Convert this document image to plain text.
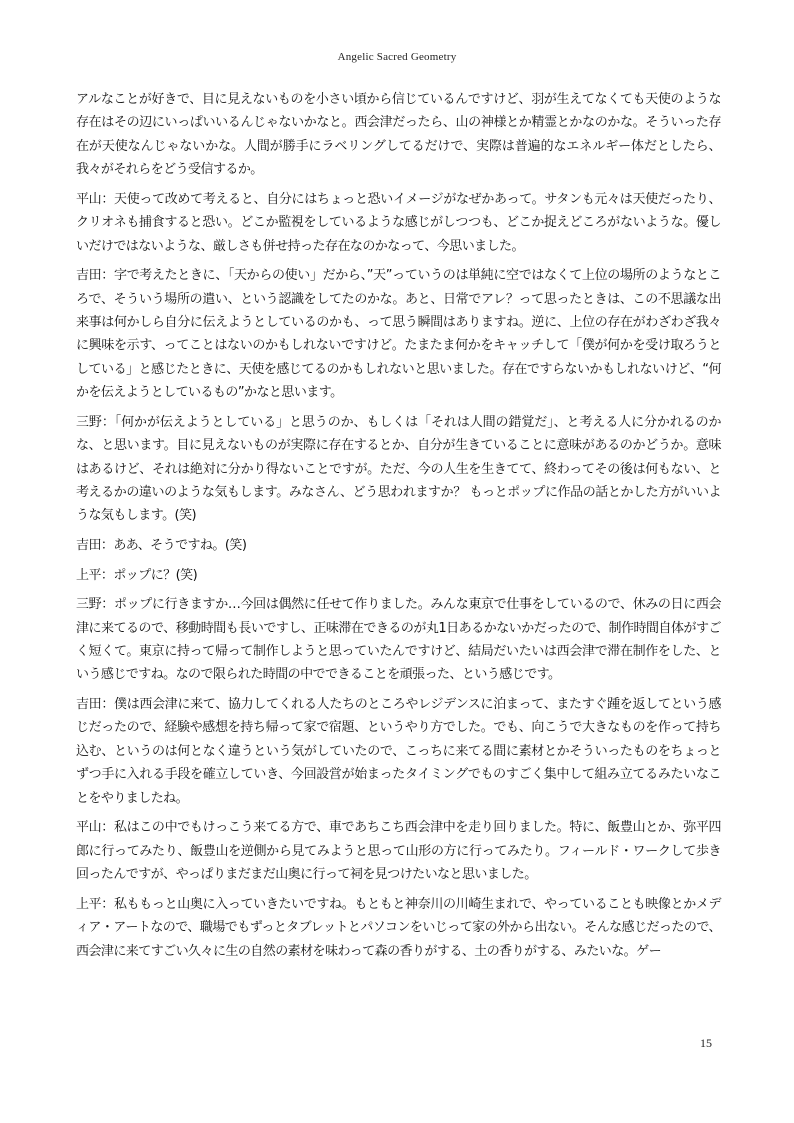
Angelic Sacred Geometry

アルなことが好きで、目に見えないものを小さい頃から信じているんですけど、羽が生えてなくても天使のような存在はその辺にいっぱいいるんじゃないかなと。西会津だったら、山の神様とか精霊とかなのかな。そういった存在が天使なんじゃないかな。人間が勝手にラベリングしてるだけで、実際は普遍的なエネルギー体だとしたら、我々がそれらをどう受信するか。

平山：天使って改めて考えると、自分にはちょっと恐いイメージがなぜかあって。サタンも元々は天使だったり、クリオネも捕食すると恐い。どこか監視をしているような感じがしつつも、どこか捉えどころがないような。優しいだけではないような、厳しさも併せ持った存在なのかなって、今思いました。

吉田：字で考えたときに、「天からの使い」だから、”天”っていうのは単純に空ではなくて上位の場所のようなところで、そういう場所の遣い、という認識をしてたのかな。あと、日常でアレ？って思ったときは、この不思議な出来事は何かしら自分に伝えようとしているのかも、って思う瞬間はありますね。逆に、上位の存在がわざわざ我々に興味を示す、ってことはないのかもしれないですけど。たまたま何かをキャッチして「僕が何かを受け取ろうとしている」と感じたときに、天使を感じてるのかもしれないと思いました。存在ですらないかもしれないけど、“何かを伝えようとしているもの”かなと思います。

三野：「何かが伝えようとしている」と思うのか、もしくは「それは人間の錯覚だ」、と考える人に分かれるのかな、と思います。目に見えないものが実際に存在するとか、自分が生きていることに意味があるのかどうか。意味はあるけど、それは絶対に分かり得ないことですが。ただ、今の人生を生きてて、終わってその後は何もない、と考えるかの違いのような気もします。みなさん、どう思われますか？ もっとポップに作品の話とかした方がいいような気もします。(笑)

吉田：ああ、そうですね。(笑)

上平：ポップに？(笑)

三野：ポップに行きますか…今回は偶然に任せて作りました。みんな東京で仕事をしているので、休みの日に西会津に来てるので、移動時間も長いですし、正味滞在できるのが丸1日あるかないかだったので、制作時間自体がすごく短くて。東京に持って帰って制作しようと思っていたんですけど、結局だいたいは西会津で滞在制作をした、という感じですね。なので限られた時間の中でできることを頑張った、という感じです。

吉田：僕は西会津に来て、協力してくれる人たちのところやレジデンスに泊まって、またすぐ踵を返してという感じだったので、経験や感想を持ち帰って家で宿題、というやり方でした。でも、向こうで大きなものを作って持ち込む、というのは何となく違うという気がしていたので、こっちに来てる間に素材とかそういったものをちょっとずつ手に入れる手段を確立していき、今回設営が始まったタイミングでものすごく集中して組み立てるみたいなことをやりましたね。

平山：私はこの中でもけっこう来てる方で、車であちこち西会津中を走り回りました。特に、飯豊山とか、弥平四郎に行ってみたり、飯豊山を逆側から見てみようと思って山形の方に行ってみたり。フィールド・ワークして歩き回ったんですが、やっぱりまだまだ山奥に行って祠を見つけたいなと思いました。

上平：私ももっと山奥に入っていきたいですね。もともと神奈川の川崎生まれで、やっていることも映像とかメディア・アートなので、職場でもずっとタブレットとパソコンをいじって家の外から出ない。そんな感じだったので、西会津に来てすごい久々に生の自然の素材を味わって森の香りがする、土の香りがする、みたいな。ゲー

15
